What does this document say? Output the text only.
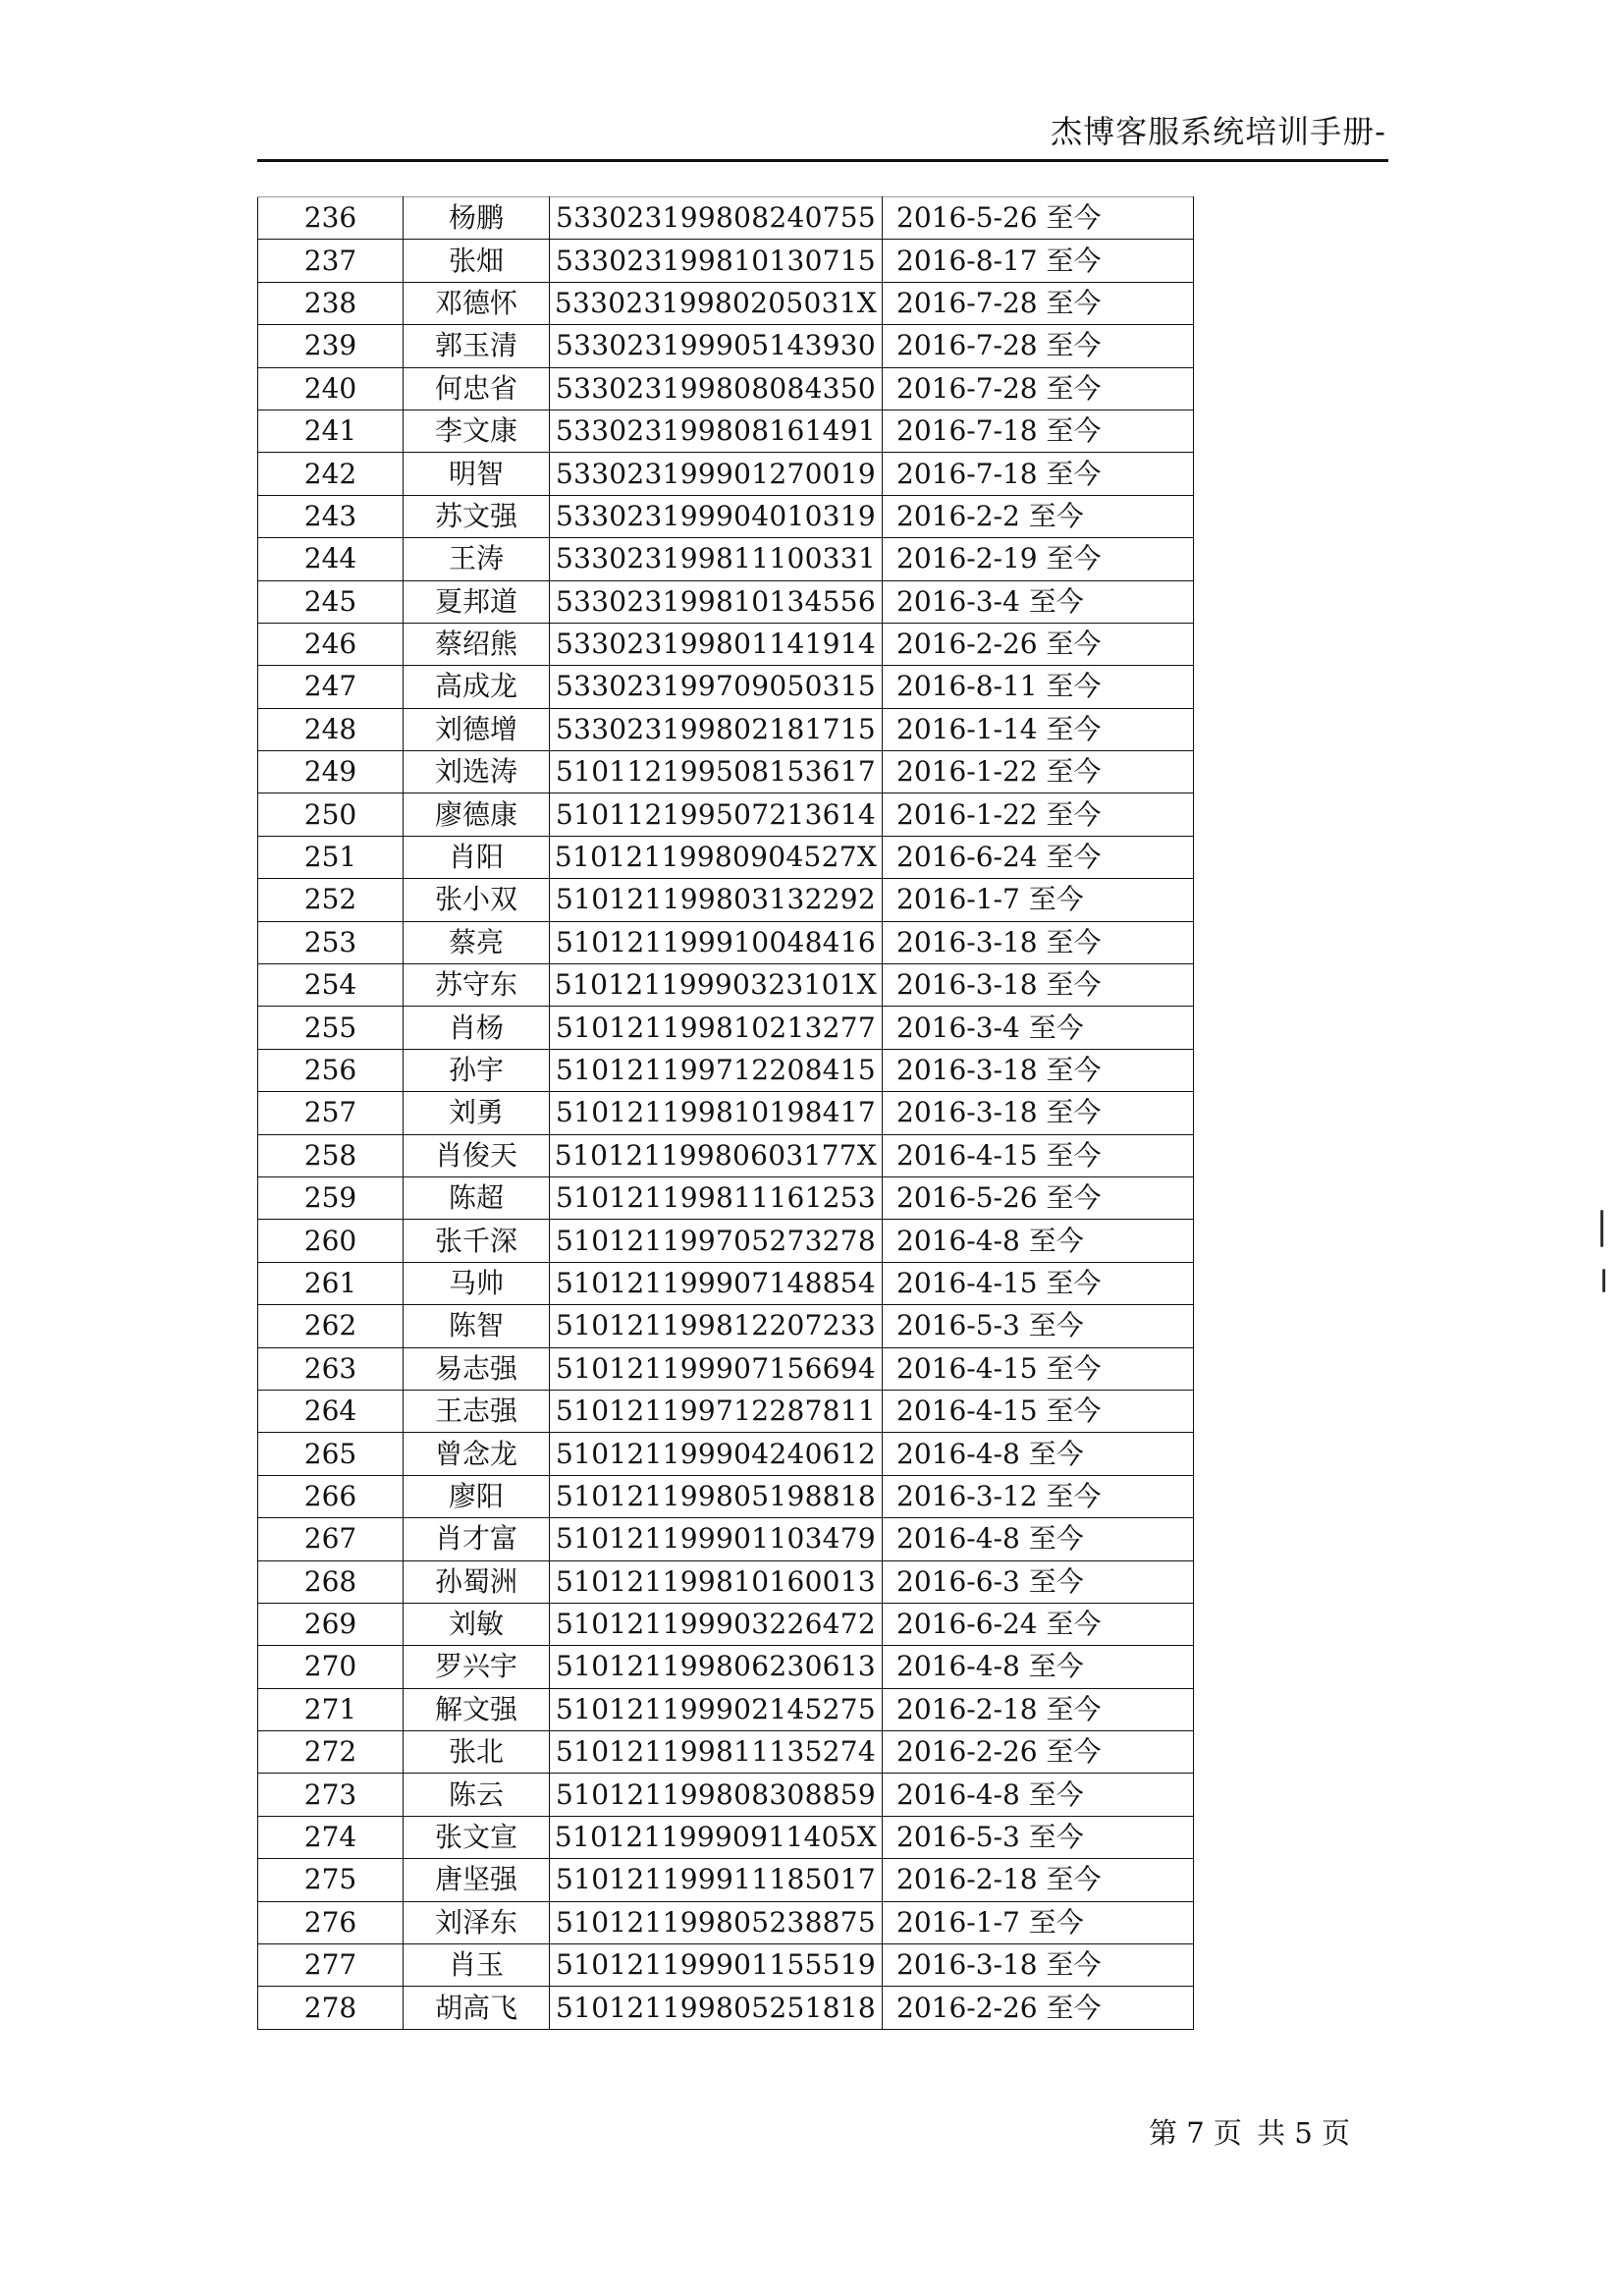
杰博客服系统培训手册-
236	杨鹏	533023199808240755	2016-5-26 至今
237	张畑	533023199810130715	2016-8-17 至今
238	邓德怀	53302319980205031X	2016-7-28 至今
239	郭玉清	533023199905143930	2016-7-28 至今
240	何忠省	533023199808084350	2016-7-28 至今
241	李文康	533023199808161491	2016-7-18 至今
242	明智	533023199901270019	2016-7-18 至今
243	苏文强	533023199904010319	2016-2-2 至今
244	王涛	533023199811100331	2016-2-19 至今
245	夏邦道	533023199810134556	2016-3-4 至今
246	蔡绍熊	533023199801141914	2016-2-26 至今
247	高成龙	53302319970905031​5	2016-8-11 至今
248	刘德增	533023199802181715	2016-1-14 至今
249	刘选涛	510112199508153617	2016-1-22 至今
250	廖德康	510112199507213614	2016-1-22 至今
251	肖阳	51012119980904527X	2016-6-24 至今
252	张小双	510121199803132292	2016-1-7 至今
253	蔡亮	510121199910048416	2016-3-18 至今
254	苏守东	51012119990323101X	2016-3-18 至今
255	肖杨	510121199810213277	2016-3-4 至今
256	孙宇	510121199712208415	2016-3-18 至今
257	刘勇	510121199810198417	2016-3-18 至今
258	肖俊天	51012119980603177X	2016-4-15 至今
259	陈超	510121199811161253	2016-5-26 至今
260	张千深	510121199705273278	2016-4-8 至今
261	马帅	510121199907148854	2016-4-15 至今
262	陈智	510121199812207233	2016-5-3 至今
263	易志强	510121199907156694	2016-4-15 至今
264	王志强	510121199712287811	2016-4-15 至今
265	曾念龙	510121199904240612	2016-4-8 至今
266	廖阳	510121199805198818	2016-3-12 至今
267	肖才富	510121199901103479	2016-4-8 至今
268	孙蜀洲	510121199810160013	2016-6-3 至今
269	刘敏	510121199903226472	2016-6-24 至今
270	罗兴宇	510121199806230613	2016-4-8 至今
271	解文强	510121199902145275	2016-2-18 至今
272	张北	510121199811135274	2016-2-26 至今
273	陈云	510121199808308859	2016-4-8 至今
274	张文宣	51012119990911405X	2016-5-3 至今
275	唐坚强	510121199911185017	2016-2-18 至今
276	刘泽东	510121199805238875	2016-1-7 至今
277	肖玉	510121199901155519	2016-3-18 至今
278	胡高飞	510121199805251818	2016-2-26 至今
第 7 页 共 5 页
